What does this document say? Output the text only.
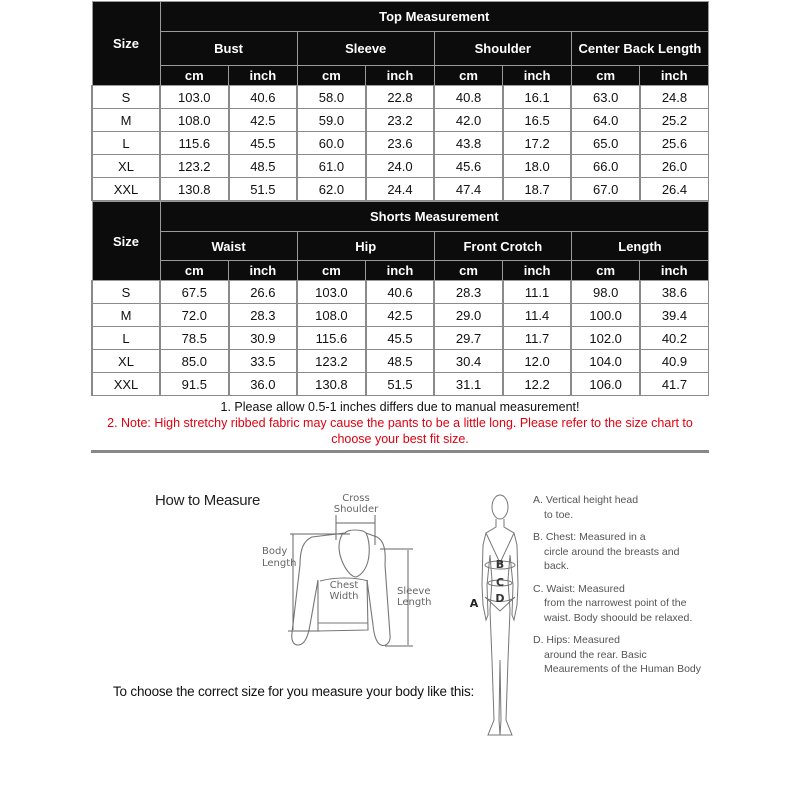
Size	Top Measurement							
	Bust		Sleeve		Shoulder		Center Back Length	
	cm	inch	cm	inch	cm	inch	cm	inch
S	103.0	40.6	58.0	22.8	40.8	16.1	63.0	24.8
M	108.0	42.5	59.0	23.2	42.0	16.5	64.0	25.2
L	115.6	45.5	60.0	23.6	43.8	17.2	65.0	25.6
XL	123.2	48.5	61.0	24.0	45.6	18.0	66.0	26.0
XXL	130.8	51.5	62.0	24.4	47.4	18.7	67.0	26.4
Size	Shorts Measurement							
	Waist		Hip		Front Crotch		Length	
	cm	inch	cm	inch	cm	inch	cm	inch
S	67.5	26.6	103.0	40.6	28.3	11.1	98.0	38.6
M	72.0	28.3	108.0	42.5	29.0	11.4	100.0	39.4
L	78.5	30.9	115.6	45.5	29.7	11.7	102.0	40.2
XL	85.0	33.5	123.2	48.5	30.4	12.0	104.0	40.9
XXL	91.5	36.0	130.8	51.5	31.1	12.2	106.0	41.7
1. Please allow 0.5-1 inches differs due to manual measurement!
2. Note: High stretchy ribbed fabric may cause the pants to be a little long. Please refer to the size chart to choose your best fit size.
How to Measure	Cross
Shoulder
Body
Length
Chest
Width	Sleeve
Length
To choose the correct size for you measure your body like this:
B
C
D
A
A. Vertical height head
to toe.
B. Chest: Measured in a
circle around the breasts and back.
C. Waist: Measured
from the narrowest point of the waist. Body shoould be relaxed.
D. Hips: Measured
around the rear. Basic Meaurements of the Human Body
